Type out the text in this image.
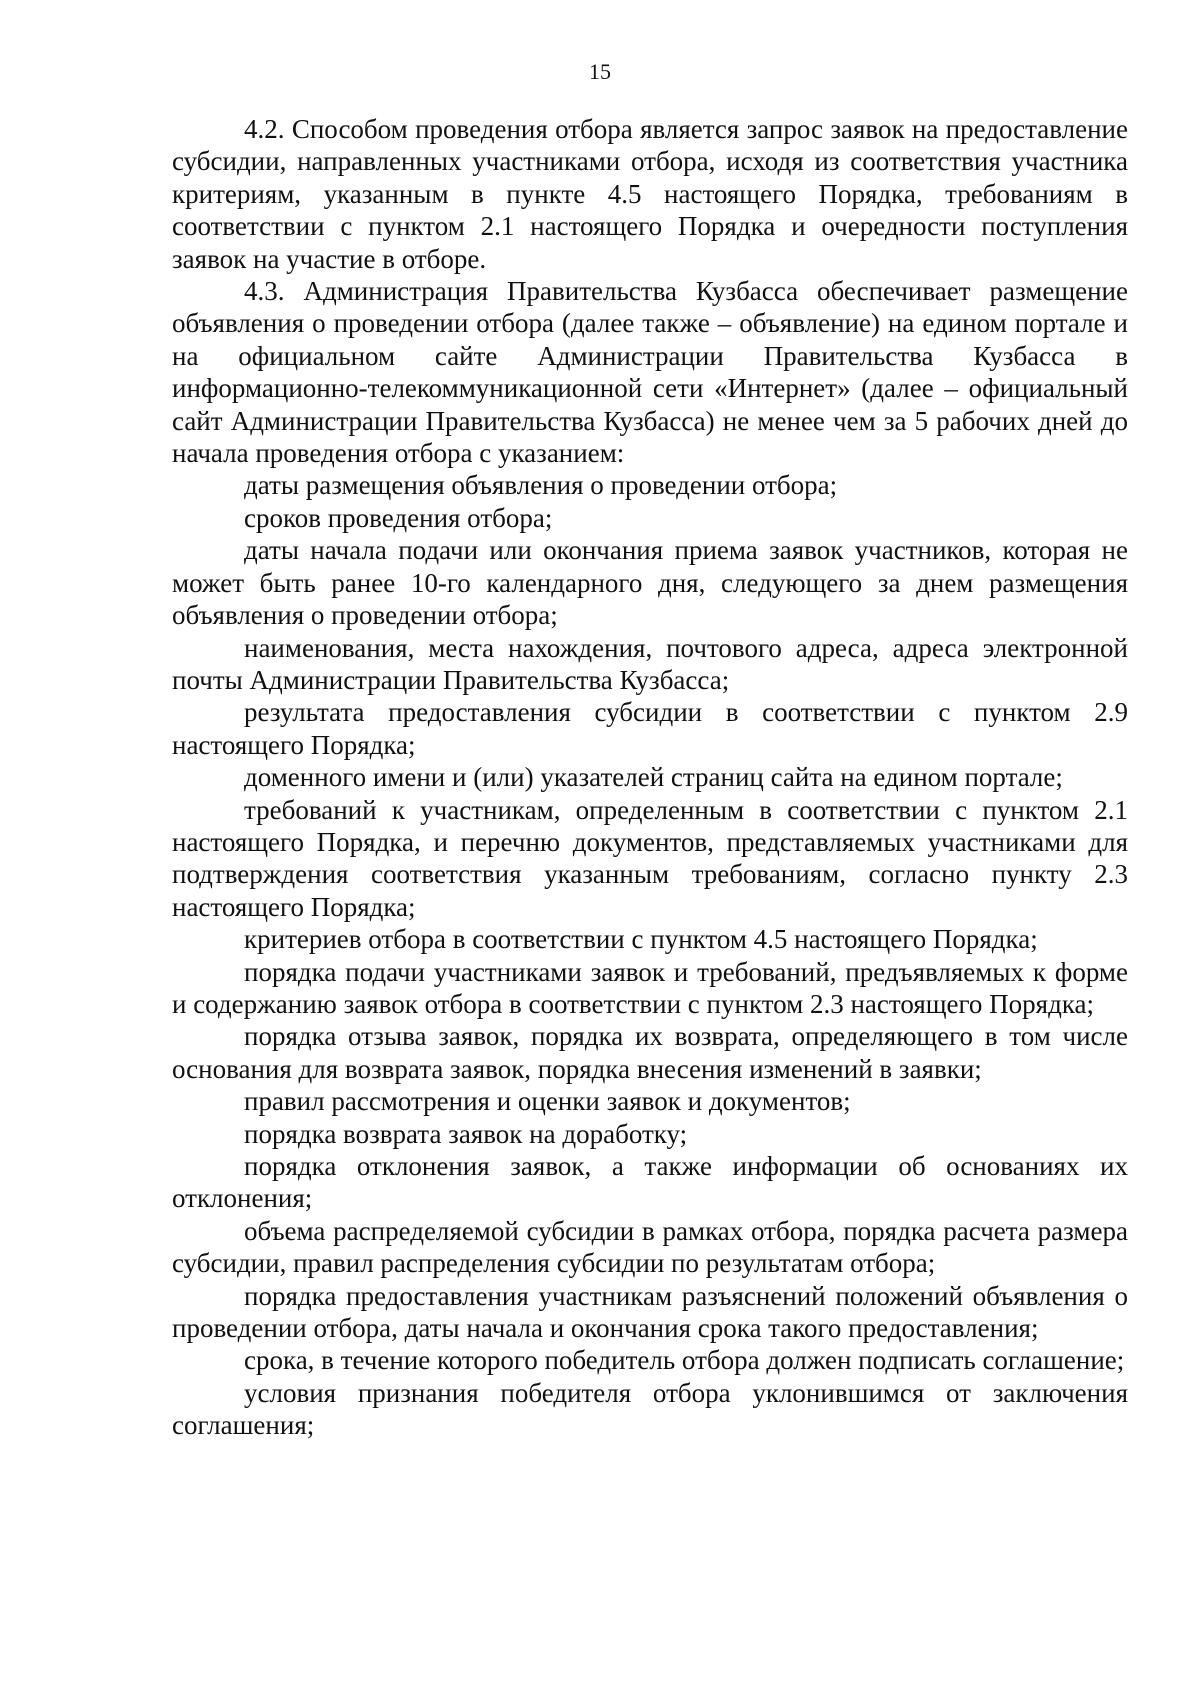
15

4.2. Способом проведения отбора является запрос заявок на предоставление субсидии, направленных участниками отбора, исходя из соответствия участника критериям, указанным в пункте 4.5 настоящего Порядка, требованиям в соответствии с пунктом 2.1 настоящего Порядка и очередности поступления заявок на участие в отборе.

4.3. Администрация Правительства Кузбасса обеспечивает размещение объявления о проведении отбора (далее также – объявление) на едином портале и на официальном сайте Администрации Правительства Кузбасса в информационно-телекоммуникационной сети «Интернет» (далее – официальный сайт Администрации Правительства Кузбасса) не менее чем за 5 рабочих дней до начала проведения отбора с указанием:

даты размещения объявления о проведении отбора;

сроков проведения отбора;

даты начала подачи или окончания приема заявок участников, которая не может быть ранее 10-го календарного дня, следующего за днем размещения объявления о проведении отбора;

наименования, места нахождения, почтового адреса, адреса электронной почты Администрации Правительства Кузбасса;

результата предоставления субсидии в соответствии с пунктом 2.9 настоящего Порядка;

доменного имени и (или) указателей страниц сайта на едином портале;

требований к участникам, определенным в соответствии с пунктом 2.1 настоящего Порядка, и перечню документов, представляемых участниками для подтверждения соответствия указанным требованиям, согласно пункту 2.3 настоящего Порядка;

критериев отбора в соответствии с пунктом 4.5 настоящего Порядка;

порядка подачи участниками заявок и требований, предъявляемых к форме и содержанию заявок отбора в соответствии с пунктом 2.3 настоящего Порядка;

порядка отзыва заявок, порядка их возврата, определяющего в том числе основания для возврата заявок, порядка внесения изменений в заявки;

правил рассмотрения и оценки заявок и документов;

порядка возврата заявок на доработку;

порядка отклонения заявок, а также информации об основаниях их отклонения;

объема распределяемой субсидии в рамках отбора, порядка расчета размера субсидии, правил распределения субсидии по результатам отбора;

порядка предоставления участникам разъяснений положений объявления о проведении отбора, даты начала и окончания срока такого предоставления;

срока, в течение которого победитель отбора должен подписать соглашение;

условия признания победителя отбора уклонившимся от заключения соглашения;
